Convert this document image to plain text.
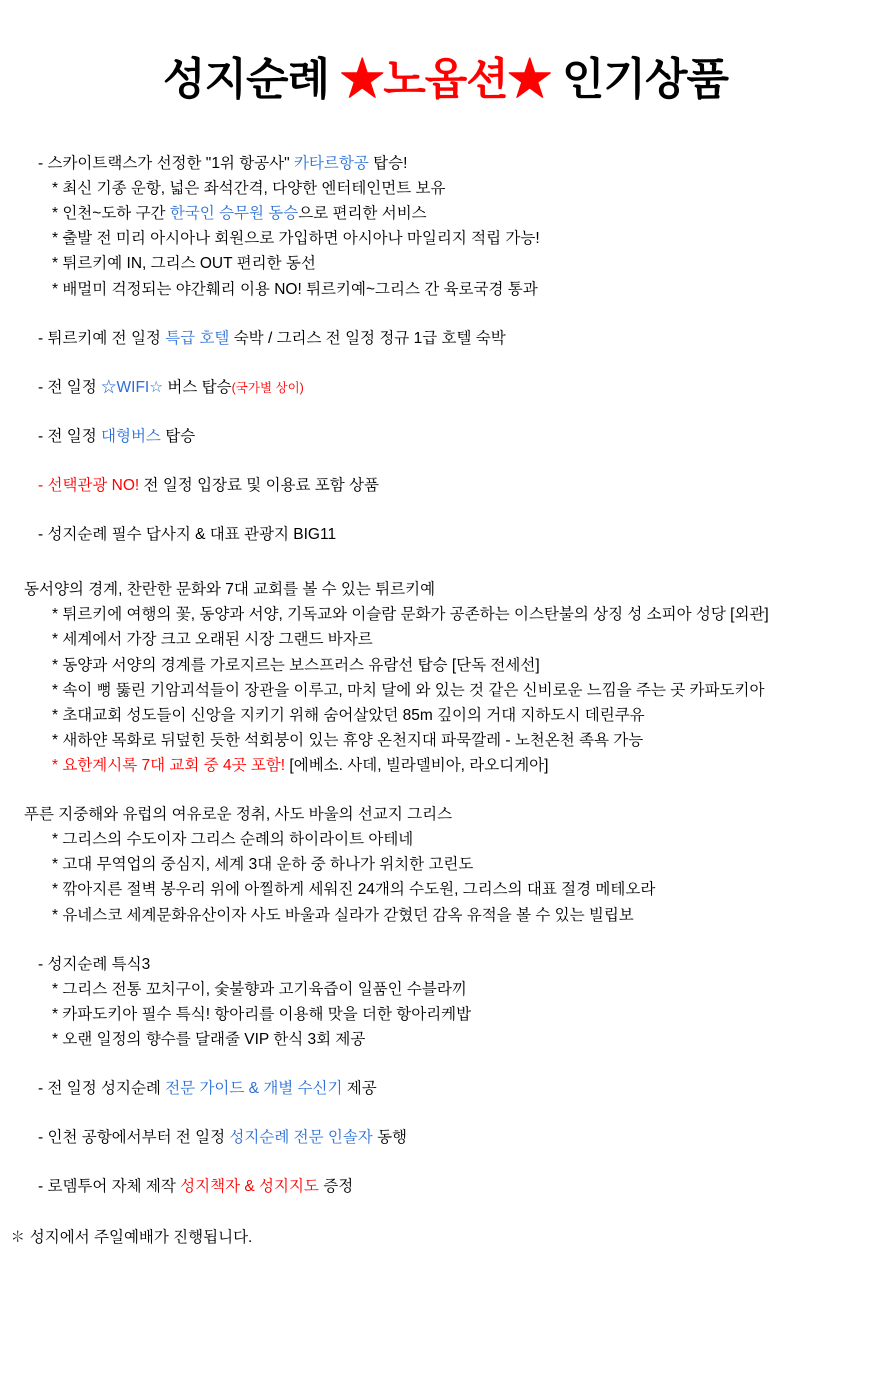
성지순례 ★노옵션★ 인기상품
- 스카이트랙스가 선정한 "1위 항공사" 카타르항공 탑승!
* 최신 기종 운항, 넓은 좌석간격, 다양한 엔터테인먼트 보유
* 인천~도하 구간 한국인 승무원 동승으로 편리한 서비스
* 출발 전 미리 아시아나 회원으로 가입하면 아시아나 마일리지 적립 가능!
* 튀르키예 IN, 그리스 OUT 편리한 동선
* 배멀미 걱정되는 야간훼리 이용 NO! 튀르키예~그리스 간 육로국경 통과
- 튀르키예 전 일정 특급 호텔 숙박 / 그리스 전 일정 정규 1급 호텔 숙박
- 전 일정 ☆WIFI☆ 버스 탑승(국가별 상이)
- 전 일정 대형버스 탑승
- 선택관광 NO! 전 일정 입장료 및 이용료 포함 상품
- 성지순례 필수 답사지 & 대표 관광지 BIG11
동서양의 경계, 찬란한 문화와 7대 교회를 볼 수 있는 튀르키예
* 튀르키에 여행의 꽃, 동양과 서양, 기독교와 이슬람 문화가 공존하는 이스탄불의 상징 성 소피아 성당 [외관]
* 세계에서 가장 크고 오래된 시장 그랜드 바자르
* 동양과 서양의 경계를 가로지르는 보스프러스 유람선 탑승 [단독 전세선]
* 속이 뻥 뚫린 기암괴석들이 장관을 이루고, 마치 달에 와 있는 것 같은 신비로운 느낌을 주는 곳 카파도키아
* 초대교회 성도들이 신앙을 지키기 위해 숨어살았던 85m 깊이의 거대 지하도시 데린쿠유
* 새하얀 목화로 뒤덮힌 듯한 석회붕이 있는 휴양 온천지대 파묵깔레 - 노천온천 족욕 가능
* 요한계시록 7대 교회 중 4곳 포함! [에베소. 사데, 빌라델비아, 라오디게아]
푸른 지중해와 유럽의 여유로운 정취, 사도 바울의 선교지 그리스
* 그리스의 수도이자 그리스 순례의 하이라이트 아테네
* 고대 무역업의 중심지, 세계 3대 운하 중 하나가 위치한 고린도
* 깎아지른 절벽 봉우리 위에 아찔하게 세워진 24개의 수도원, 그리스의 대표 절경 메테오라
* 유네스코 세계문화유산이자 사도 바울과 실라가 갇혔던 감옥 유적을 볼 수 있는 빌립보
- 성지순례 특식3
* 그리스 전통 꼬치구이, 숯불향과 고기육즙이 일품인 수블라끼
* 카파도키아 필수 특식! 항아리를 이용해 맛을 더한 항아리케밥
* 오랜 일정의 향수를 달래줄 VIP 한식 3회 제공
- 전 일정 성지순례 전문 가이드 & 개별 수신기 제공
- 인천 공항에서부터 전 일정 성지순례 전문 인솔자 동행
- 로뎀투어 자체 제작 성지책자 & 성지지도 증정
✽ 성지에서 주일예배가 진행됩니다.
